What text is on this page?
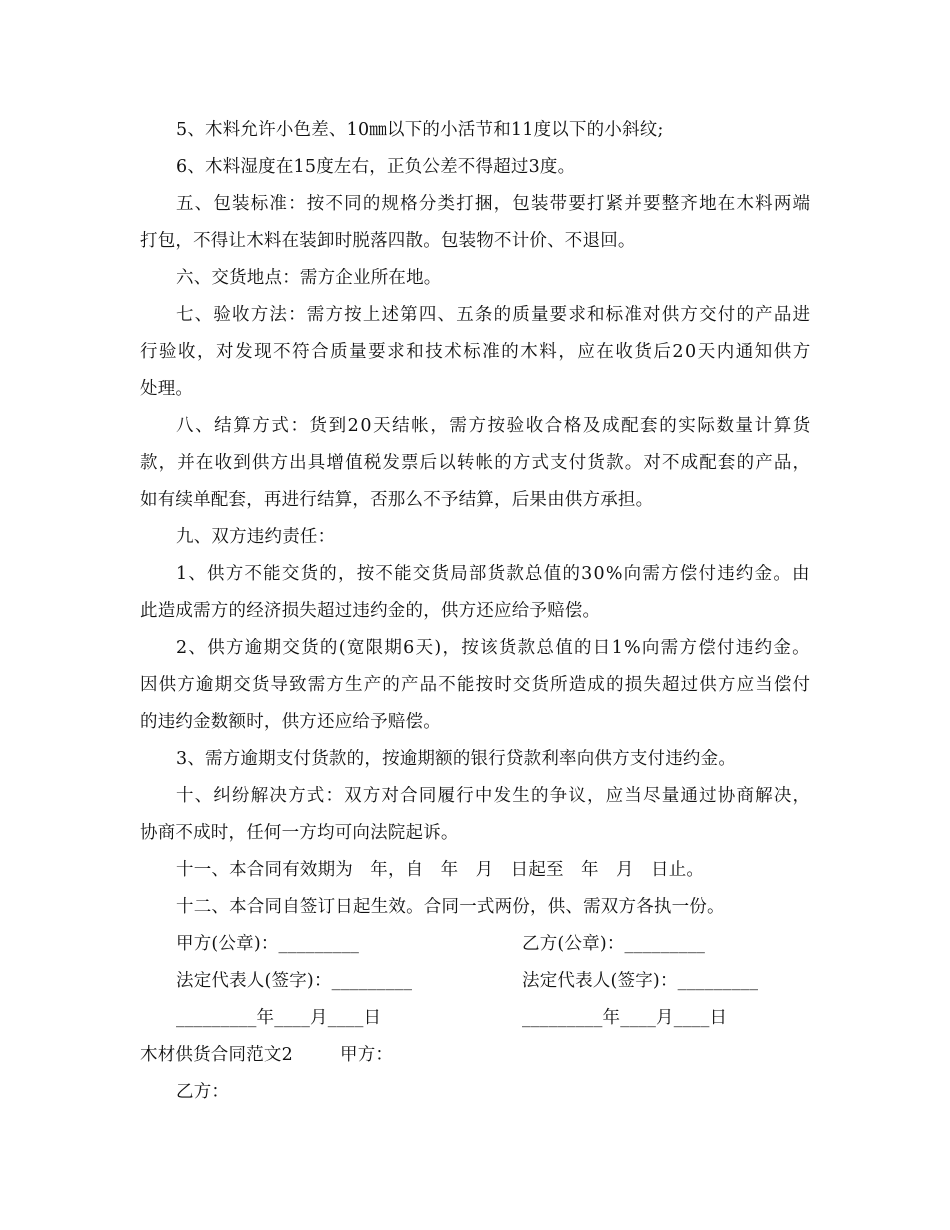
5、木料允许小色差、10㎜以下的小活节和11度以下的小斜纹;
6、木料湿度在15度左右，正负公差不得超过3度。
五、包装标准：按不同的规格分类打捆，包装带要打紧并要整齐地在木料两端
打包，不得让木料在装卸时脱落四散。包装物不计价、不退回。
六、交货地点：需方企业所在地。
七、验收方法：需方按上述第四、五条的质量要求和标准对供方交付的产品进
行验收，对发现不符合质量要求和技术标准的木料，应在收货后20天内通知供方
处理。
八、结算方式：货到20天结帐，需方按验收合格及成配套的实际数量计算货
款，并在收到供方出具增值税发票后以转帐的方式支付货款。对不成配套的产品，
如有续单配套，再进行结算，否那么不予结算，后果由供方承担。
九、双方违约责任：
1、供方不能交货的，按不能交货局部货款总值的30%向需方偿付违约金。由
此造成需方的经济损失超过违约金的，供方还应给予赔偿。
2、供方逾期交货的(宽限期6天)，按该货款总值的日1%向需方偿付违约金。
因供方逾期交货导致需方生产的产品不能按时交货所造成的损失超过供方应当偿付
的违约金数额时，供方还应给予赔偿。
3、需方逾期支付货款的，按逾期额的银行贷款利率向供方支付违约金。
十、纠纷解决方式：双方对合同履行中发生的争议，应当尽量通过协商解决，
协商不成时，任何一方均可向法院起诉。
十一、本合同有效期为   年，自   年   月   日起至   年   月   日止。
十二、本合同自签订日起生效。合同一式两份，供、需双方各执一份。
甲方(公章)：_________	乙方(公章)：_________
法定代表人(签字)：_________	法定代表人(签字)：_________
_________年____月____日	_________年____月____日
木材供货合同范文2	甲方：
乙方：
